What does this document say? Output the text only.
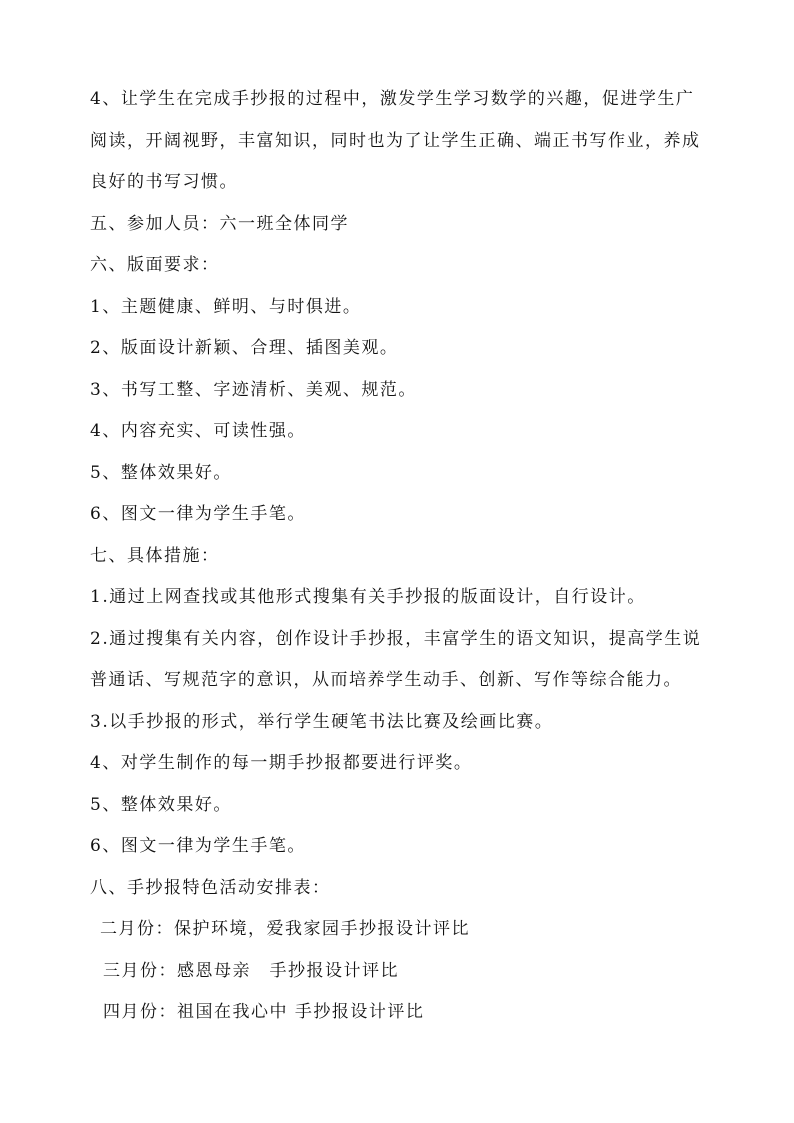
4、让学生在完成手抄报的过程中，激发学生学习数学的兴趣，促进学生广
阅读，开阔视野，丰富知识，同时也为了让学生正确、端正书写作业，养成
良好的书写习惯。
五、参加人员：六一班全体同学
六、版面要求：
1、主题健康、鲜明、与时俱进。
2、版面设计新颖、合理、插图美观。
3、书写工整、字迹清析、美观、规范。
4、内容充实、可读性强。
5、整体效果好。
6、图文一律为学生手笔。
七、具体措施：
1.通过上网查找或其他形式搜集有关手抄报的版面设计，自行设计。
2.通过搜集有关内容，创作设计手抄报，丰富学生的语文知识，提高学生说
普通话、写规范字的意识，从而培养学生动手、创新、写作等综合能力。
3.以手抄报的形式，举行学生硬笔书法比赛及绘画比赛。
4、对学生制作的每一期手抄报都要进行评奖。
5、整体效果好。
6、图文一律为学生手笔。
八、手抄报特色活动安排表：
二月份：保护环境，爱我家园手抄报设计评比
三月份：感恩母亲　手抄报设计评比
四月份：祖国在我心中 手抄报设计评比
